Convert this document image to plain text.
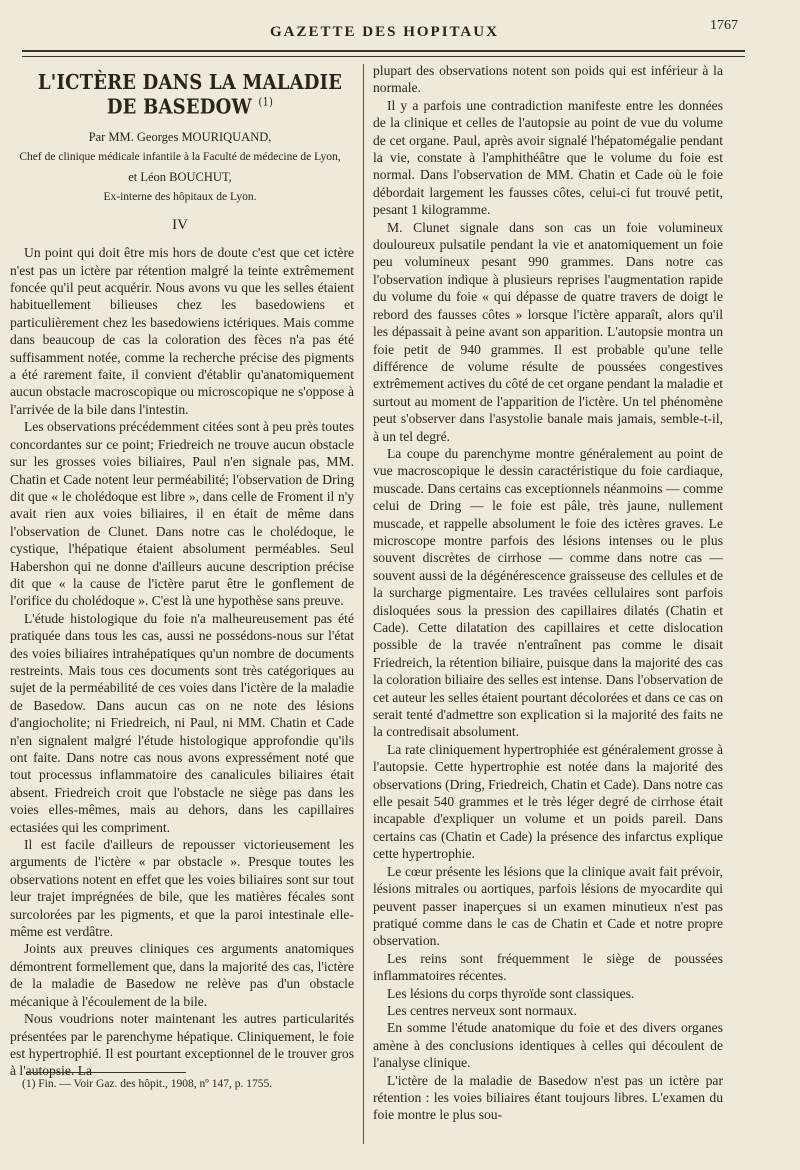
GAZETTE DES HOPITAUX	1767
L'ICTÈRE DANS LA MALADIE DE BASEDOW $^{(1)}$
Par MM. Georges MOURIQUAND,
Chef de clinique médicale infantile à la Faculté de médecine de Lyon,
et Léon BOUCHUT,
Ex-interne des hôpitaux de Lyon.
IV

Un point qui doit être mis hors de doute c'est que cet ictère n'est pas un ictère par rétention malgré la teinte extrêmement foncée qu'il peut acquérir. Nous avons vu que les selles étaient habituellement bilieuses chez les basedowiens et particulièrement chez les basedowiens ictériques. Mais comme dans beaucoup de cas la coloration des fèces n'a pas été suffisamment notée, comme la recherche précise des pigments a été rarement faite, il convient d'établir qu'anatomiquement aucun obstacle macroscopique ou microscopique ne s'oppose à l'arrivée de la bile dans l'intestin.

Les observations précédemment citées sont à peu près toutes concordantes sur ce point; Friedreich ne trouve aucun obstacle sur les grosses voies biliaires, Paul n'en signale pas, MM. Chatin et Cade notent leur perméabilité; l'observation de Dring dit que « le cholédoque est libre », dans celle de Froment il n'y avait rien aux voies biliaires, il en était de même dans l'observation de Clunet. Dans notre cas le cholédoque, le cystique, l'hépatique étaient absolument perméables. Seul Habershon qui ne donne d'ailleurs aucune description précise dit que « la cause de l'ictère parut être le gonflement de l'orifice du cholédoque ». C'est là une hypothèse sans preuve.

L'étude histologique du foie n'a malheureusement pas été pratiquée dans tous les cas, aussi ne possédons-nous sur l'état des voies biliaires intrahépatiques qu'un nombre de documents restreints. Mais tous ces documents sont très catégoriques au sujet de la perméabilité de ces voies dans l'ictère de la maladie de Basedow. Dans aucun cas on ne note des lésions d'angiocholite; ni Friedreich, ni Paul, ni MM. Chatin et Cade n'en signalent malgré l'étude histologique approfondie qu'ils ont faite. Dans notre cas nous avons expressément noté que tout processus inflammatoire des canalicules biliaires était absent. Friedreich croit que l'obstacle ne siège pas dans les voies elles-mêmes, mais au dehors, dans les capillaires ectasiées qui les compriment.

Il est facile d'ailleurs de repousser victorieusement les arguments de l'ictère « par obstacle ». Presque toutes les observations notent en effet que les voies biliaires sont sur tout leur trajet imprégnées de bile, que les matières fécales sont surcolorées par les pigments, et que la paroi intestinale elle-même est verdâtre.

Joints aux preuves cliniques ces arguments anatomiques démontrent formellement que, dans la majorité des cas, l'ictère de la maladie de Basedow ne relève pas d'un obstacle mécanique à l'écoulement de la bile.

Nous voudrions noter maintenant les autres particularités présentées par le parenchyme hépatique. Cliniquement, le foie est hypertrophié. Il est pourtant exceptionnel de le trouver gros à l'autopsie. La

plupart des observations notent son poids qui est inférieur à la normale.

Il y a parfois une contradiction manifeste entre les données de la clinique et celles de l'autopsie au point de vue du volume de cet organe. Paul, après avoir signalé l'hépatomégalie pendant la vie, constate à l'amphithéâtre que le volume du foie est normal. Dans l'observation de MM. Chatin et Cade où le foie débordait largement les fausses côtes, celui-ci fut trouvé petit, pesant 1 kilogramme.

M. Clunet signale dans son cas un foie volumineux douloureux pulsatile pendant la vie et anatomiquement un foie peu volumineux pesant 990 grammes. Dans notre cas l'observation indique à plusieurs reprises l'augmentation rapide du volume du foie « qui dépasse de quatre travers de doigt le rebord des fausses côtes » lorsque l'ictère apparaît, alors qu'il les dépassait à peine avant son apparition. L'autopsie montra un foie petit de 940 grammes. Il est probable qu'une telle différence de volume résulte de poussées congestives extrêmement actives du côté de cet organe pendant la maladie et surtout au moment de l'apparition de l'ictère. Un tel phénomène peut s'observer dans l'asystolie banale mais jamais, semble-t-il, à un tel degré.

La coupe du parenchyme montre généralement au point de vue macroscopique le dessin caractéristique du foie cardiaque, muscade. Dans certains cas exceptionnels néanmoins — comme celui de Dring — le foie est pâle, très jaune, nullement muscade, et rappelle absolument le foie des ictères graves. Le microscope montre parfois des lésions intenses ou le plus souvent discrètes de cirrhose — comme dans notre cas — souvent aussi de la dégénérescence graisseuse des cellules et de la surcharge pigmentaire. Les travées cellulaires sont parfois disloquées sous la pression des capillaires dilatés (Chatin et Cade). Cette dilatation des capillaires et cette dislocation possible de la travée n'entraînent pas comme le disait Friedreich, la rétention biliaire, puisque dans la majorité des cas la coloration biliaire des selles est intense. Dans l'observation de cet auteur les selles étaient pourtant décolorées et dans ce cas on serait tenté d'admettre son explication si la majorité des faits ne la contredisait absolument.

La rate cliniquement hypertrophiée est généralement grosse à l'autopsie. Cette hypertrophie est notée dans la majorité des observations (Dring, Friedreich, Chatin et Cade). Dans notre cas elle pesait 540 grammes et le très léger degré de cirrhose était incapable d'expliquer un volume et un poids pareil. Dans certains cas (Chatin et Cade) la présence des infarctus explique cette hypertrophie.

Le cœur présente les lésions que la clinique avait fait prévoir, lésions mitrales ou aortiques, parfois lésions de myocardite qui peuvent passer inaperçues si un examen minutieux n'est pas pratiqué comme dans le cas de Chatin et Cade et notre propre observation.

Les reins sont fréquemment le siège de poussées inflammatoires récentes.

Les lésions du corps thyroïde sont classiques.

Les centres nerveux sont normaux.

En somme l'étude anatomique du foie et des divers organes amène à des conclusions identiques à celles qui découlent de l'analyse clinique.

L'ictère de la maladie de Basedow n'est pas un ictère par rétention : les voies biliaires étant toujours libres. L'examen du foie montre le plus sou-

(1) Fin. — Voir Gaz. des hôpit., 1908, nº 147, p. 1755.
